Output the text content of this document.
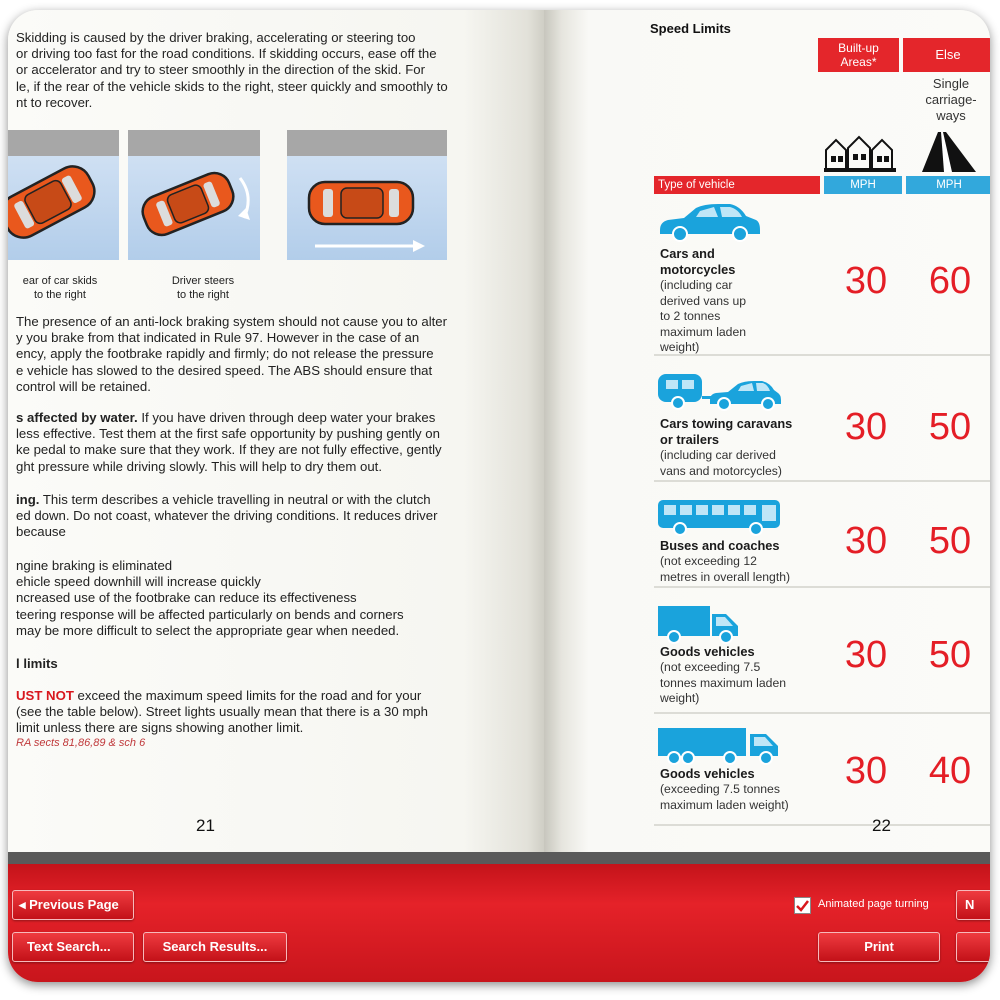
Skidding is caused by the driver braking, accelerating or steering too
or driving too fast for the road conditions. If skidding occurs, ease off the
or accelerator and try to steer smoothly in the direction of the skid. For
le, if the rear of the vehicle skids to the right, steer quickly and smoothly to
nt to recover.
ear of car skids
to the right
Driver steers
to the right
The presence of an anti-lock braking system should not cause you to alter
y you brake from that indicated in Rule 97. However in the case of an
ency, apply the footbrake rapidly and firmly; do not release the pressure
e vehicle has slowed to the desired speed. The ABS should ensure that
control will be retained.
s affected by water. If you have driven through deep water your brakes
less effective. Test them at the first safe opportunity by pushing gently on
ke pedal to make sure that they work. If they are not fully effective, gently
ght pressure while driving slowly. This will help to dry them out.
ing. This term describes a vehicle travelling in neutral or with the clutch
ed down. Do not coast, whatever the driving conditions. It reduces driver
because
ngine braking is eliminated
ehicle speed downhill will increase quickly
ncreased use of the footbrake can reduce its effectiveness
teering response will be affected particularly on bends and corners
may be more difficult to select the appropriate gear when needed.
l limits
UST NOT exceed the maximum speed limits for the road and for your
(see the table below). Street lights usually mean that there is a 30 mph
limit unless there are signs showing another limit.
RA sects 81,86,89 & sch 6
21
Speed Limits
Built-up
Areas*	Else
Single
carriage-
ways
Type of vehicle	MPH	MPH
Cars and
motorcycles
(including car
derived vans up
to 2 tonnes
maximum laden
weight)
30 60
Cars towing caravans
or trailers
(including car derived
vans and motorcycles)
30 50
Buses and coaches
(not exceeding 12
metres in overall length)
30 50
Goods vehicles
(not exceeding 7.5
tonnes maximum laden
weight)
30 50
Goods vehicles
(exceeding 7.5 tonnes
maximum laden weight)
30 40
22
◂ Previous Page	Animated page turning	N
Text Search...	Search Results...	Print
